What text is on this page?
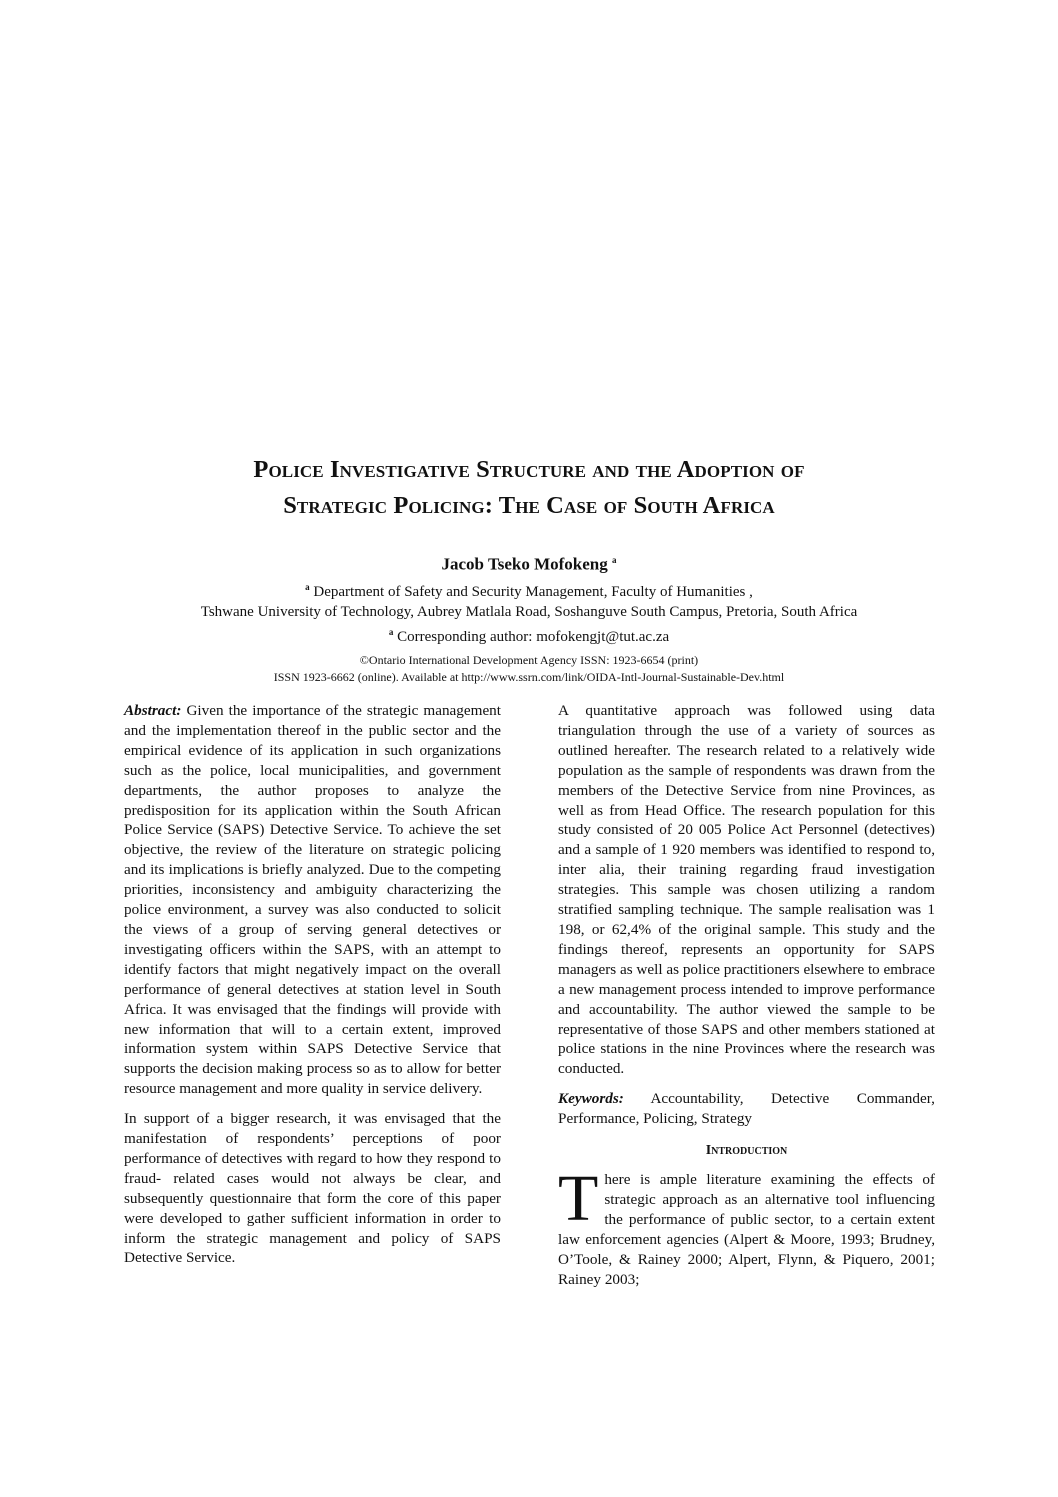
Police Investigative Structure and the Adoption of
Strategic Policing: The Case of South Africa
Jacob Tseko Mofokeng $^a$
$^a$ Department of Safety and Security Management, Faculty of Humanities ,
Tshwane University of Technology, Aubrey Matlala Road, Soshanguve South Campus, Pretoria, South Africa
$^a$ Corresponding author: mofokengjt@tut.ac.za
©Ontario International Development Agency ISSN: 1923-6654 (print)
ISSN 1923-6662 (online). Available at http://www.ssrn.com/link/OIDA-Intl-Journal-Sustainable-Dev.html

Abstract: Given the importance of the strategic management and the implementation thereof in the public sector and the empirical evidence of its application in such organizations such as the police, local municipalities, and government departments, the author proposes to analyze the predisposition for its application within the South African Police Service (SAPS) Detective Service. To achieve the set objective, the review of the literature on strategic policing and its implications is briefly analyzed. Due to the competing priorities, inconsistency and ambiguity characterizing the police environment, a survey was also conducted to solicit the views of a group of serving general detectives or investigating officers within the SAPS, with an attempt to identify factors that might negatively impact on the overall performance of general detectives at station level in South Africa. It was envisaged that the findings will provide with new information that will to a certain extent, improved information system within SAPS Detective Service that supports the decision making process so as to allow for better resource management and more quality in service delivery.

In support of a bigger research, it was envisaged that the manifestation of respondents’ perceptions of poor performance of detectives with regard to how they respond to fraud- related cases would not always be clear, and subsequently questionnaire that form the core of this paper were developed to gather sufficient information in order to inform the strategic management and policy of SAPS Detective Service.

A quantitative approach was followed using data triangulation through the use of a variety of sources as outlined hereafter. The research related to a relatively wide population as the sample of respondents was drawn from the members of the Detective Service from nine Provinces, as well as from Head Office. The research population for this study consisted of 20 005 Police Act Personnel (detectives) and a sample of 1 920 members was identified to respond to, inter alia, their training regarding fraud investigation strategies. This sample was chosen utilizing a random stratified sampling technique. The sample realisation was 1 198, or 62,4% of the original sample. This study and the findings thereof, represents an opportunity for SAPS managers as well as police practitioners elsewhere to embrace a new management process intended to improve performance and accountability. The author viewed the sample to be representative of those SAPS and other members stationed at police stations in the nine Provinces where the research was conducted.

Keywords: Accountability, Detective Commander, Performance, Policing, Strategy

Introduction

T here is ample literature examining the effects of strategic approach as an alternative tool influencing the performance of public sector, to a certain extent law enforcement agencies (Alpert & Moore, 1993; Brudney, O’Toole, & Rainey 2000; Alpert, Flynn, & Piquero, 2001; Rainey 2003;
